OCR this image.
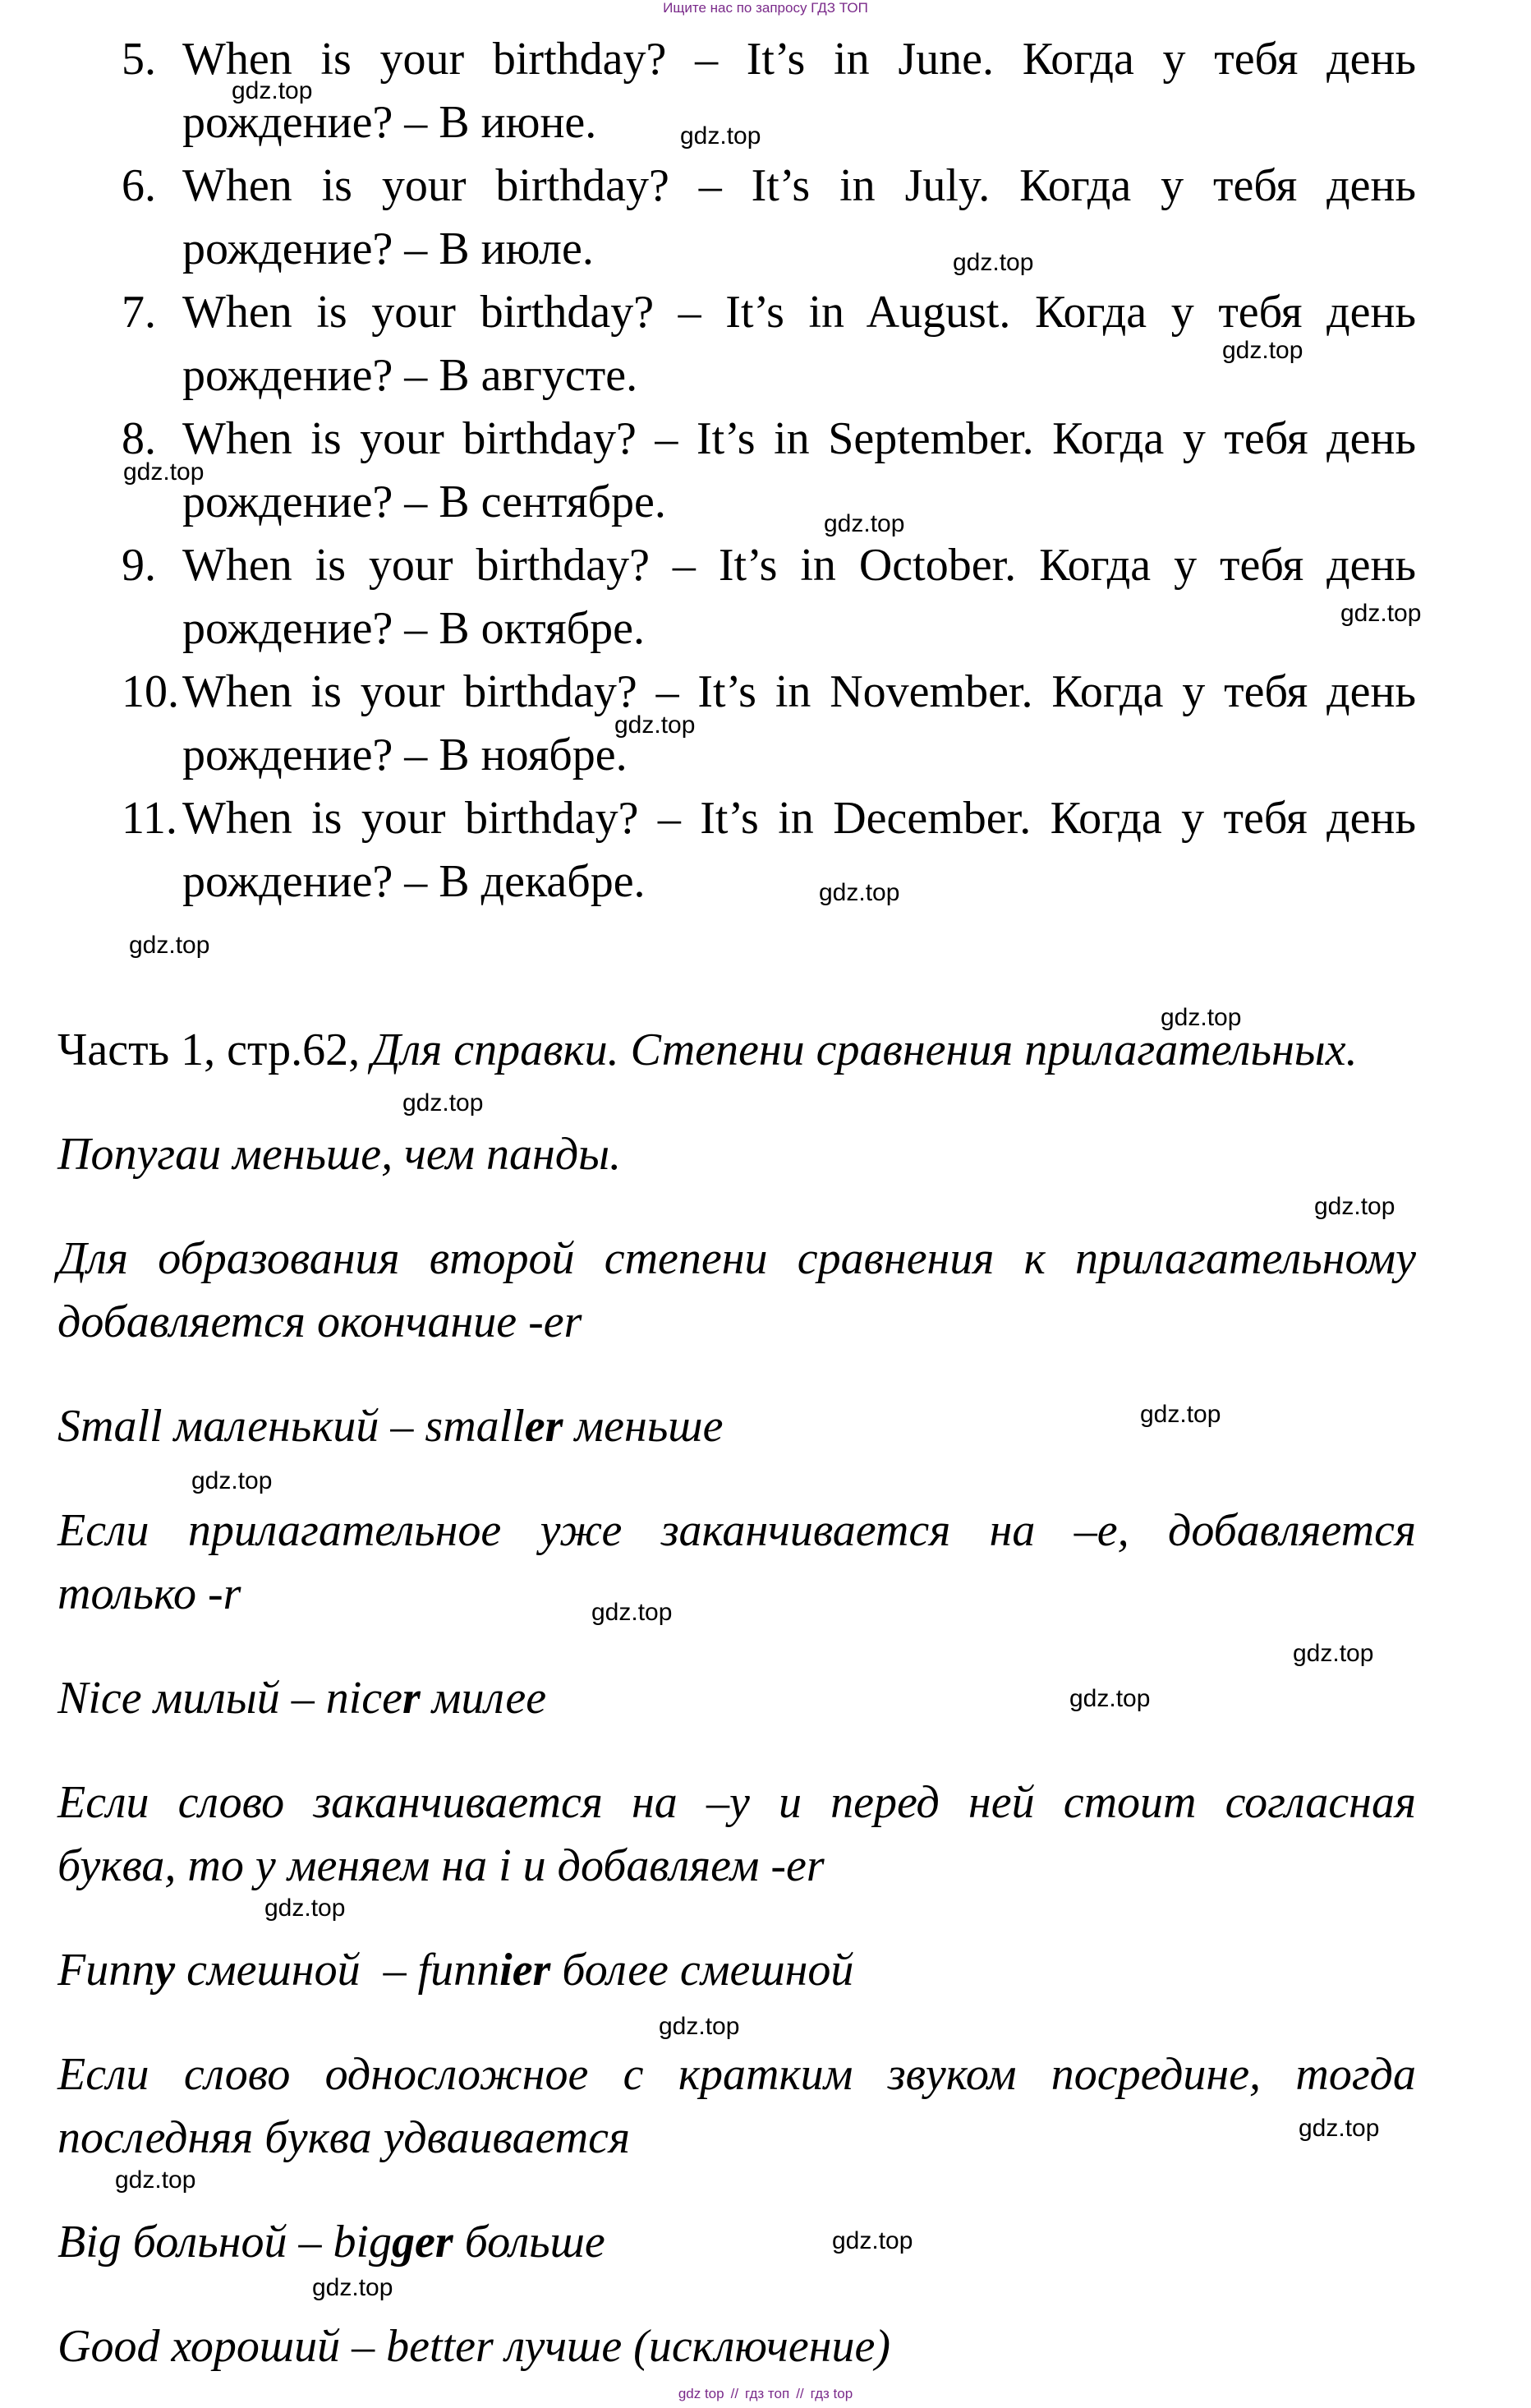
Ищите нас по запросу ГДЗ ТОП
5. When is your birthday? – It’s in June. Когда у тебя день
рождение? – В июне.
6. When is your birthday? – It’s in July. Когда у тебя день
рождение? – В июле.
7. When is your birthday? – It’s in August. Когда у тебя день
рождение? – В августе.
8. When is your birthday? – It’s in September. Когда у тебя день
рождение? – В сентябре.
9. When is your birthday? – It’s in October. Когда у тебя день
рождение? – В октябре.
10. When is your birthday? – It’s in November. Когда у тебя день
рождение? – В ноябре.
11. When is your birthday? – It’s in December. Когда у тебя день
рождение? – В декабре.
Часть 1, стр.62, Для справки. Степени сравнения прилагательных.
Попугаи меньше, чем панды.
Для образования второй степени сравнения к прилагательному
добавляется окончание -er
Small маленький – smaller меньше
Если прилагательное уже заканчивается на –е, добавляется
только -r
Nice милый – nicer милее
Если слово заканчивается на –у и перед ней стоит согласная
буква, то у меняем на i и добавляем -er
Funny смешной  – funnier более смешной
Если слово односложное с кратким звуком посредине, тогда
последняя буква удваивается
Big больной – bigger больше
Good хороший – better лучше (исключение)
gdz.top
gdz.top
gdz.top
gdz.top
gdz.top
gdz.top
gdz.top
gdz.top
gdz.top
gdz.top
gdz.top
gdz.top
gdz.top
gdz.top
gdz.top
gdz.top
gdz.top
gdz.top
gdz.top
gdz.top
gdz.top
gdz.top
gdz.top
gdz.top
gdz top // гдз топ // гдз top
